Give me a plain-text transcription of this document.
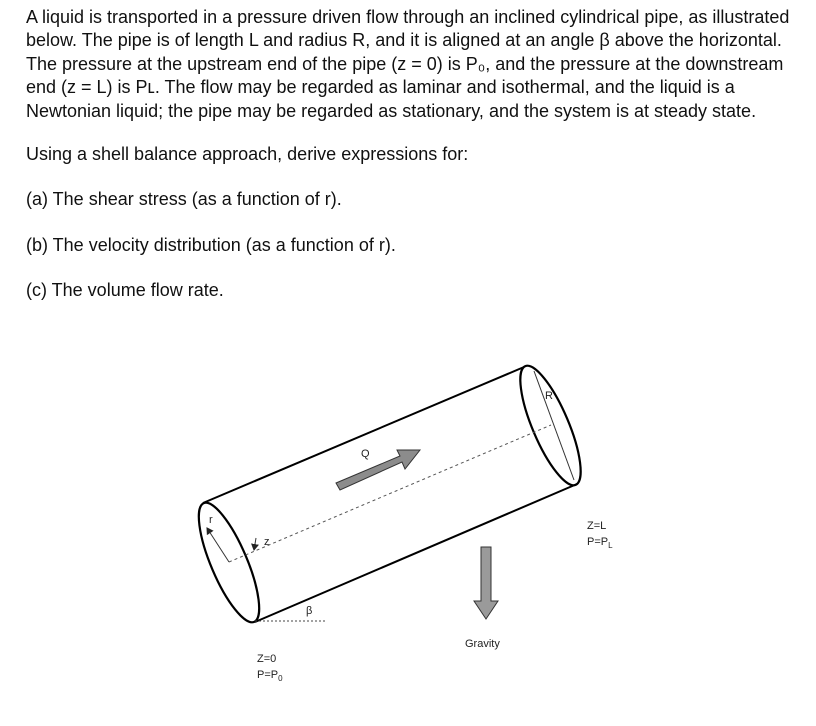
A liquid is transported in a pressure driven flow through an inclined cylindrical pipe, as illustrated below. The pipe is of length L and radius R, and it is aligned at an angle β above the horizontal. The pressure at the upstream end of the pipe (z = 0) is P₀, and the pressure at the downstream end (z = L) is Pʟ. The flow may be regarded as laminar and isothermal, and the liquid is a Newtonian liquid; the pipe may be regarded as stationary, and the system is at steady state.

Using a shell balance approach, derive expressions for:

(a) The shear stress (as a function of r).

(b) The velocity distribution (as a function of r).

(c) The volume flow rate.

R
r
z
Q
β
Gravity
Z=0
$P=P_0$
Z=L
$P=P_L$
